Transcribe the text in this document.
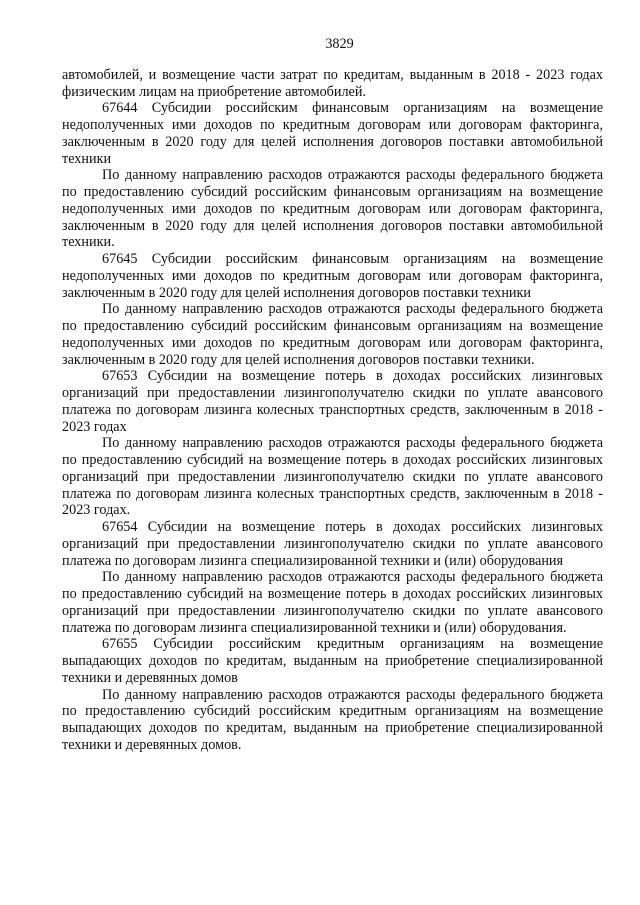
3829

автомобилей, и возмещение части затрат по кредитам, выданным в 2018 - 2023 годах физическим лицам на приобретение автомобилей.

67644 Субсидии российским финансовым организациям на возмещение недополученных ими доходов по кредитным договорам или договорам факторинга, заключенным в 2020 году для целей исполнения договоров поставки автомобильной техники

По данному направлению расходов отражаются расходы федерального бюджета по предоставлению субсидий российским финансовым организациям на возмещение недополученных ими доходов по кредитным договорам или договорам факторинга, заключенным в 2020 году для целей исполнения договоров поставки автомобильной техники.

67645 Субсидии российским финансовым организациям на возмещение недополученных ими доходов по кредитным договорам или договорам факторинга, заключенным в 2020 году для целей исполнения договоров поставки техники

По данному направлению расходов отражаются расходы федерального бюджета по предоставлению субсидий российским финансовым организациям на возмещение недополученных ими доходов по кредитным договорам или договорам факторинга, заключенным в 2020 году для целей исполнения договоров поставки техники.

67653 Субсидии на возмещение потерь в доходах российских лизинговых организаций при предоставлении лизингополучателю скидки по уплате авансового платежа по договорам лизинга колесных транспортных средств, заключенным в 2018 - 2023 годах

По данному направлению расходов отражаются расходы федерального бюджета по предоставлению субсидий на возмещение потерь в доходах российских лизинговых организаций при предоставлении лизингополучателю скидки по уплате авансового платежа по договорам лизинга колесных транспортных средств, заключенным в 2018 - 2023 годах.

67654 Субсидии на возмещение потерь в доходах российских лизинговых организаций при предоставлении лизингополучателю скидки по уплате авансового платежа по договорам лизинга специализированной техники и (или) оборудования

По данному направлению расходов отражаются расходы федерального бюджета по предоставлению субсидий на возмещение потерь в доходах российских лизинговых организаций при предоставлении лизингополучателю скидки по уплате авансового платежа по договорам лизинга специализированной техники и (или) оборудования.

67655 Субсидии российским кредитным организациям на возмещение выпадающих доходов по кредитам, выданным на приобретение специализированной техники и деревянных домов

По данному направлению расходов отражаются расходы федерального бюджета по предоставлению субсидий российским кредитным организациям на возмещение выпадающих доходов по кредитам, выданным на приобретение специализированной техники и деревянных домов.
